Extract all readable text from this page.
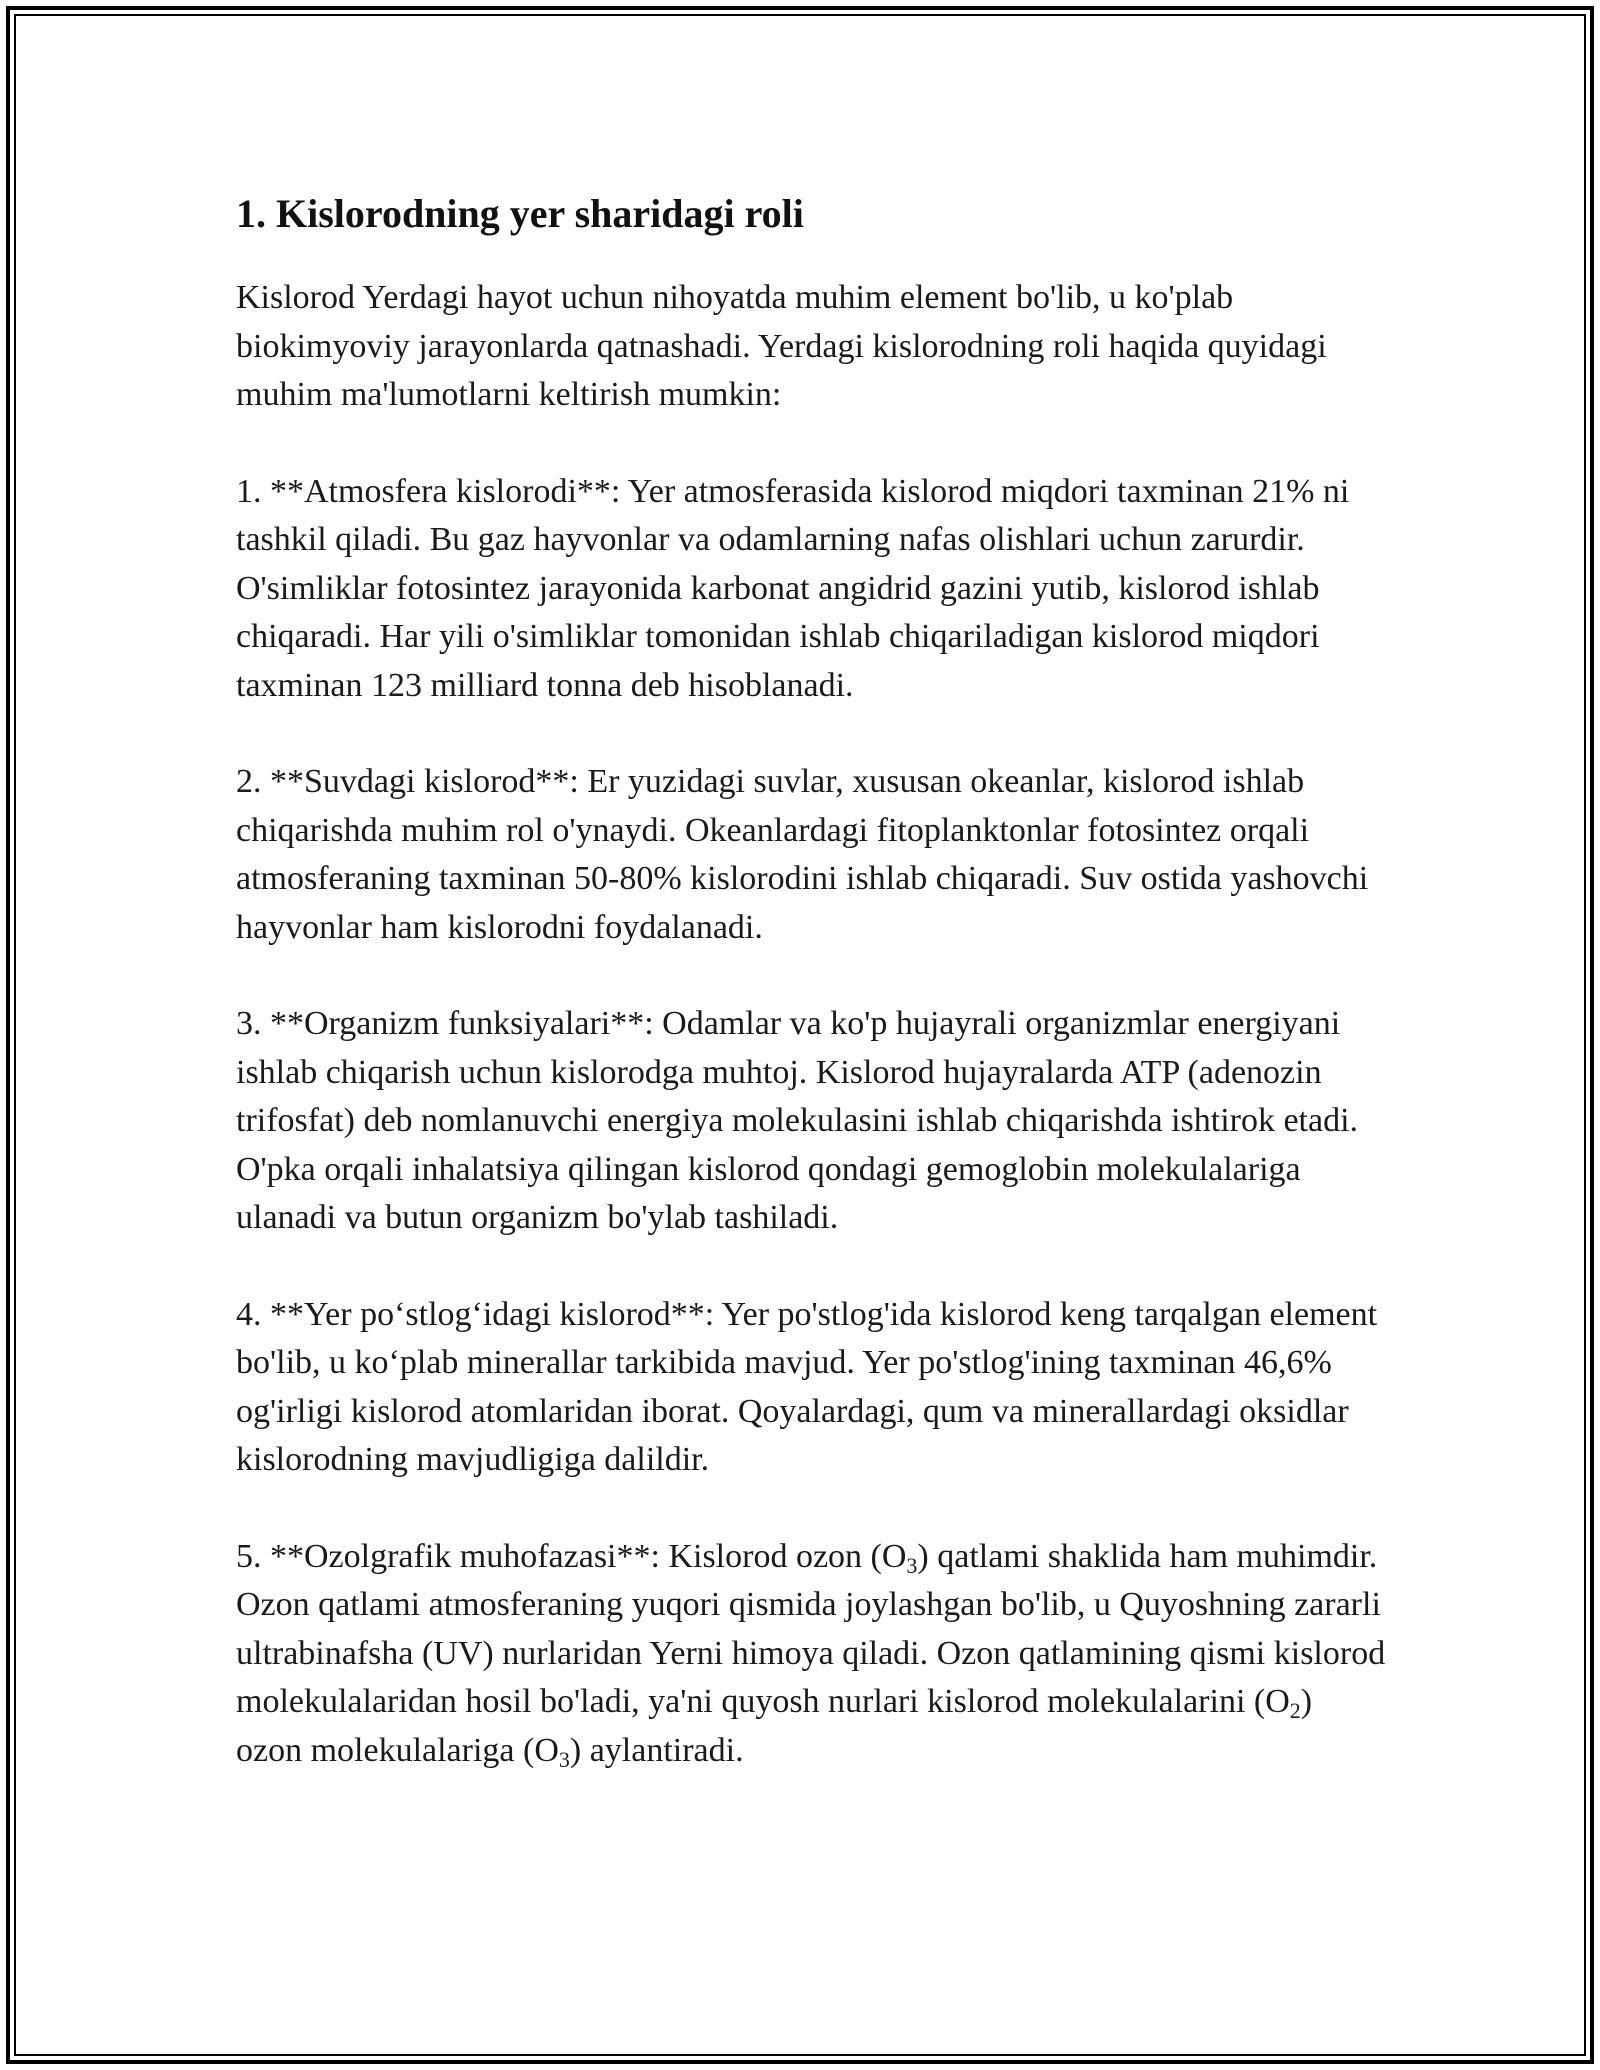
1. Kislorodning yer sharidagi roli

Kislorod Yerdagi hayot uchun nihoyatda muhim element bo'lib, u ko'plab biokimyoviy jarayonlarda qatnashadi. Yerdagi kislorodning roli haqida quyidagi muhim ma'lumotlarni keltirish mumkin:

1. **Atmosfera kislorodi**: Yer atmosferasida kislorod miqdori taxminan 21% ni tashkil qiladi. Bu gaz hayvonlar va odamlarning nafas olishlari uchun zarurdir. O'simliklar fotosintez jarayonida karbonat angidrid gazini yutib, kislorod ishlab chiqaradi. Har yili o'simliklar tomonidan ishlab chiqariladigan kislorod miqdori taxminan 123 milliard tonna deb hisoblanadi.

2. **Suvdagi kislorod**: Er yuzidagi suvlar, xususan okeanlar, kislorod ishlab chiqarishda muhim rol o'ynaydi. Okeanlardagi fitoplanktonlar fotosintez orqali atmosferaning taxminan 50-80% kislorodini ishlab chiqaradi. Suv ostida yashovchi hayvonlar ham kislorodni foydalanadi.

3. **Organizm funksiyalari**: Odamlar va ko'p hujayrali organizmlar energiyani ishlab chiqarish uchun kislorodga muhtoj. Kislorod hujayralarda ATP (adenozin trifosfat) deb nomlanuvchi energiya molekulasini ishlab chiqarishda ishtirok etadi. O'pka orqali inhalatsiya qilingan kislorod qondagi gemoglobin molekulalariga ulanadi va butun organizm bo'ylab tashiladi.

4. **Yer po‘stlog‘idagi kislorod**: Yer po'stlog'ida kislorod keng tarqalgan element bo'lib, u ko‘plab minerallar tarkibida mavjud. Yer po'stlog'ining taxminan 46,6% og'irligi kislorod atomlaridan iborat. Qoyalardagi, qum va minerallardagi oksidlar kislorodning mavjudligiga dalildir.

5. **Ozolgrafik muhofazasi**: Kislorod ozon $(O_3)$ qatlami shaklida ham muhimdir. Ozon qatlami atmosferaning yuqori qismida joylashgan bo'lib, u Quyoshning zararli ultrabinafsha (UV) nurlaridan Yerni himoya qiladi. Ozon qatlamining qismi kislorod molekulalaridan hosil bo'ladi, ya'ni quyosh nurlari kislorod molekulalarini $(O_2)$ ozon molekulalariga $(O_3)$ aylantiradi.
